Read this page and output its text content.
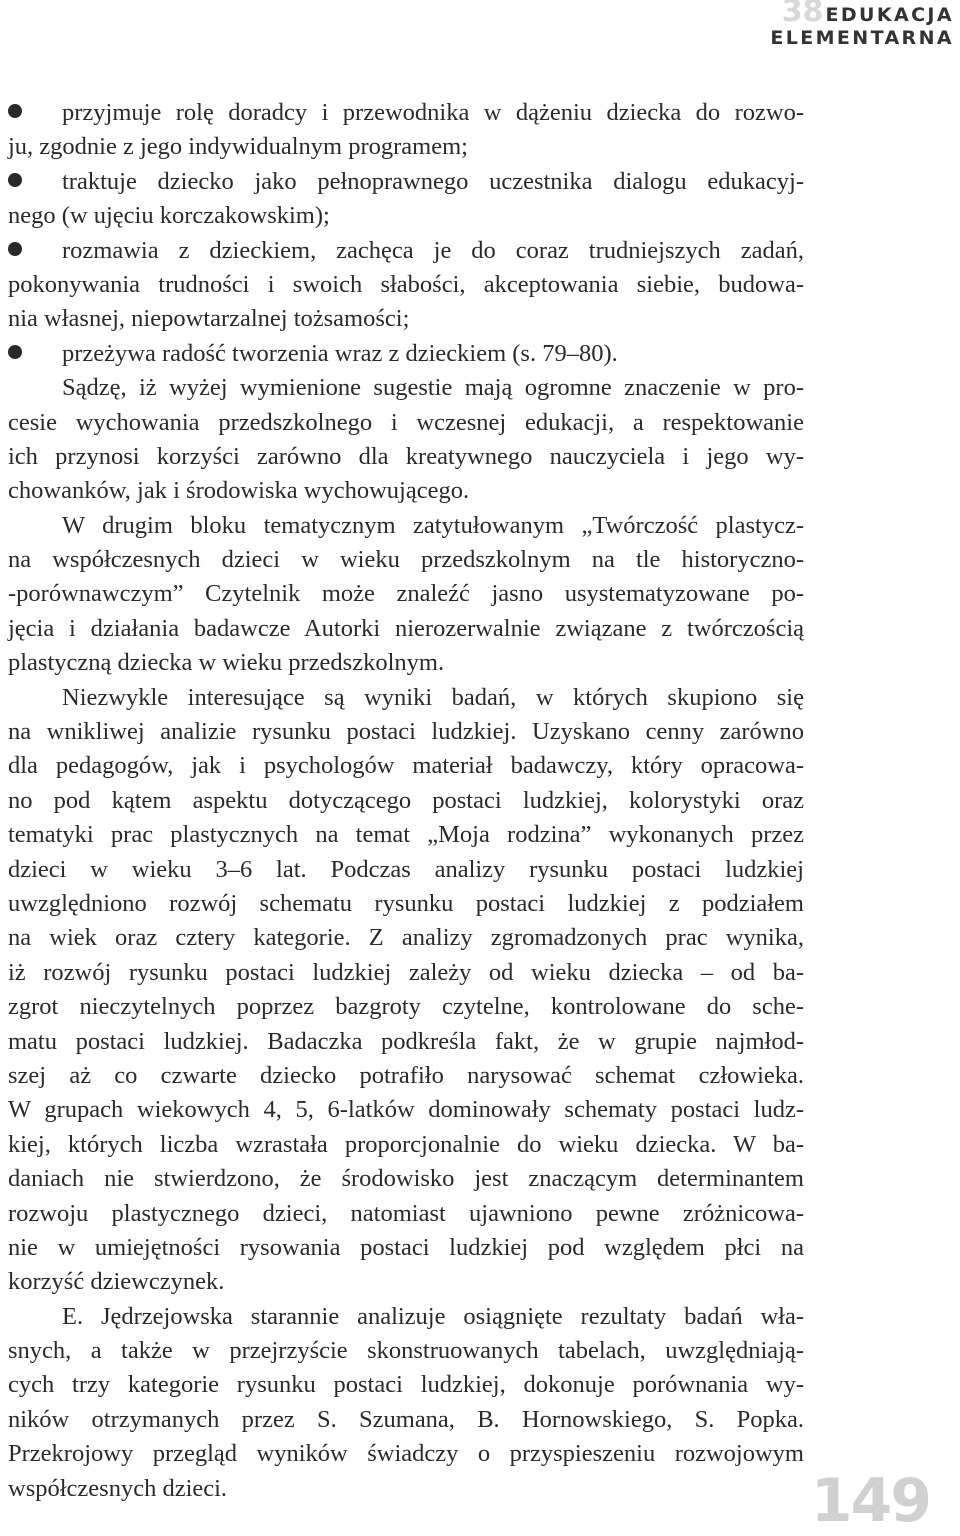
38 EDUKACJA
ELEMENTARNA
przyjmuje rolę doradcy i przewodnika w dążeniu dziecka do rozwo-
ju, zgodnie z jego indywidualnym programem;
traktuje dziecko jako pełnoprawnego uczestnika dialogu edukacyj-
nego (w ujęciu korczakowskim);
rozmawia z dzieckiem, zachęca je do coraz trudniejszych zadań,
pokonywania trudności i swoich słabości, akceptowania siebie, budowa-
nia własnej, niepowtarzalnej tożsamości;
przeżywa radość tworzenia wraz z dzieckiem (s. 79–80).
Sądzę, iż wyżej wymienione sugestie mają ogromne znaczenie w pro-
cesie wychowania przedszkolnego i wczesnej edukacji, a respektowanie
ich przynosi korzyści zarówno dla kreatywnego nauczyciela i jego wy-
chowanków, jak i środowiska wychowującego.
W drugim bloku tematycznym zatytułowanym „Twórczość plastycz-
na współczesnych dzieci w wieku przedszkolnym na tle historyczno-
-porównawczym” Czytelnik może znaleźć jasno usystematyzowane po-
jęcia i działania badawcze Autorki nierozerwalnie związane z twórczością
plastyczną dziecka w wieku przedszkolnym.
Niezwykle interesujące są wyniki badań, w których skupiono się
na wnikliwej analizie rysunku postaci ludzkiej. Uzyskano cenny zarówno
dla pedagogów, jak i psychologów materiał badawczy, który opracowa-
no pod kątem aspektu dotyczącego postaci ludzkiej, kolorystyki oraz
tematyki prac plastycznych na temat „Moja rodzina” wykonanych przez
dzieci w wieku 3–6 lat. Podczas analizy rysunku postaci ludzkiej
uwzględniono rozwój schematu rysunku postaci ludzkiej z podziałem
na wiek oraz cztery kategorie. Z analizy zgromadzonych prac wynika,
iż rozwój rysunku postaci ludzkiej zależy od wieku dziecka – od ba-
zgrot nieczytelnych poprzez bazgroty czytelne, kontrolowane do sche-
matu postaci ludzkiej. Badaczka podkreśla fakt, że w grupie najmłod-
szej aż co czwarte dziecko potrafiło narysować schemat człowieka.
W grupach wiekowych 4, 5, 6-latków dominowały schematy postaci ludz-
kiej, których liczba wzrastała proporcjonalnie do wieku dziecka. W ba-
daniach nie stwierdzono, że środowisko jest znaczącym determinantem
rozwoju plastycznego dzieci, natomiast ujawniono pewne zróżnicowa-
nie w umiejętności rysowania postaci ludzkiej pod względem płci na
korzyść dziewczynek.
E. Jędrzejowska starannie analizuje osiągnięte rezultaty badań wła-
snych, a także w przejrzyście skonstruowanych tabelach, uwzględniają-
cych trzy kategorie rysunku postaci ludzkiej, dokonuje porównania wy-
ników otrzymanych przez S. Szumana, B. Hornowskiego, S. Popka.
Przekrojowy przegląd wyników świadczy o przyspieszeniu rozwojowym
współczesnych dzieci.	149
